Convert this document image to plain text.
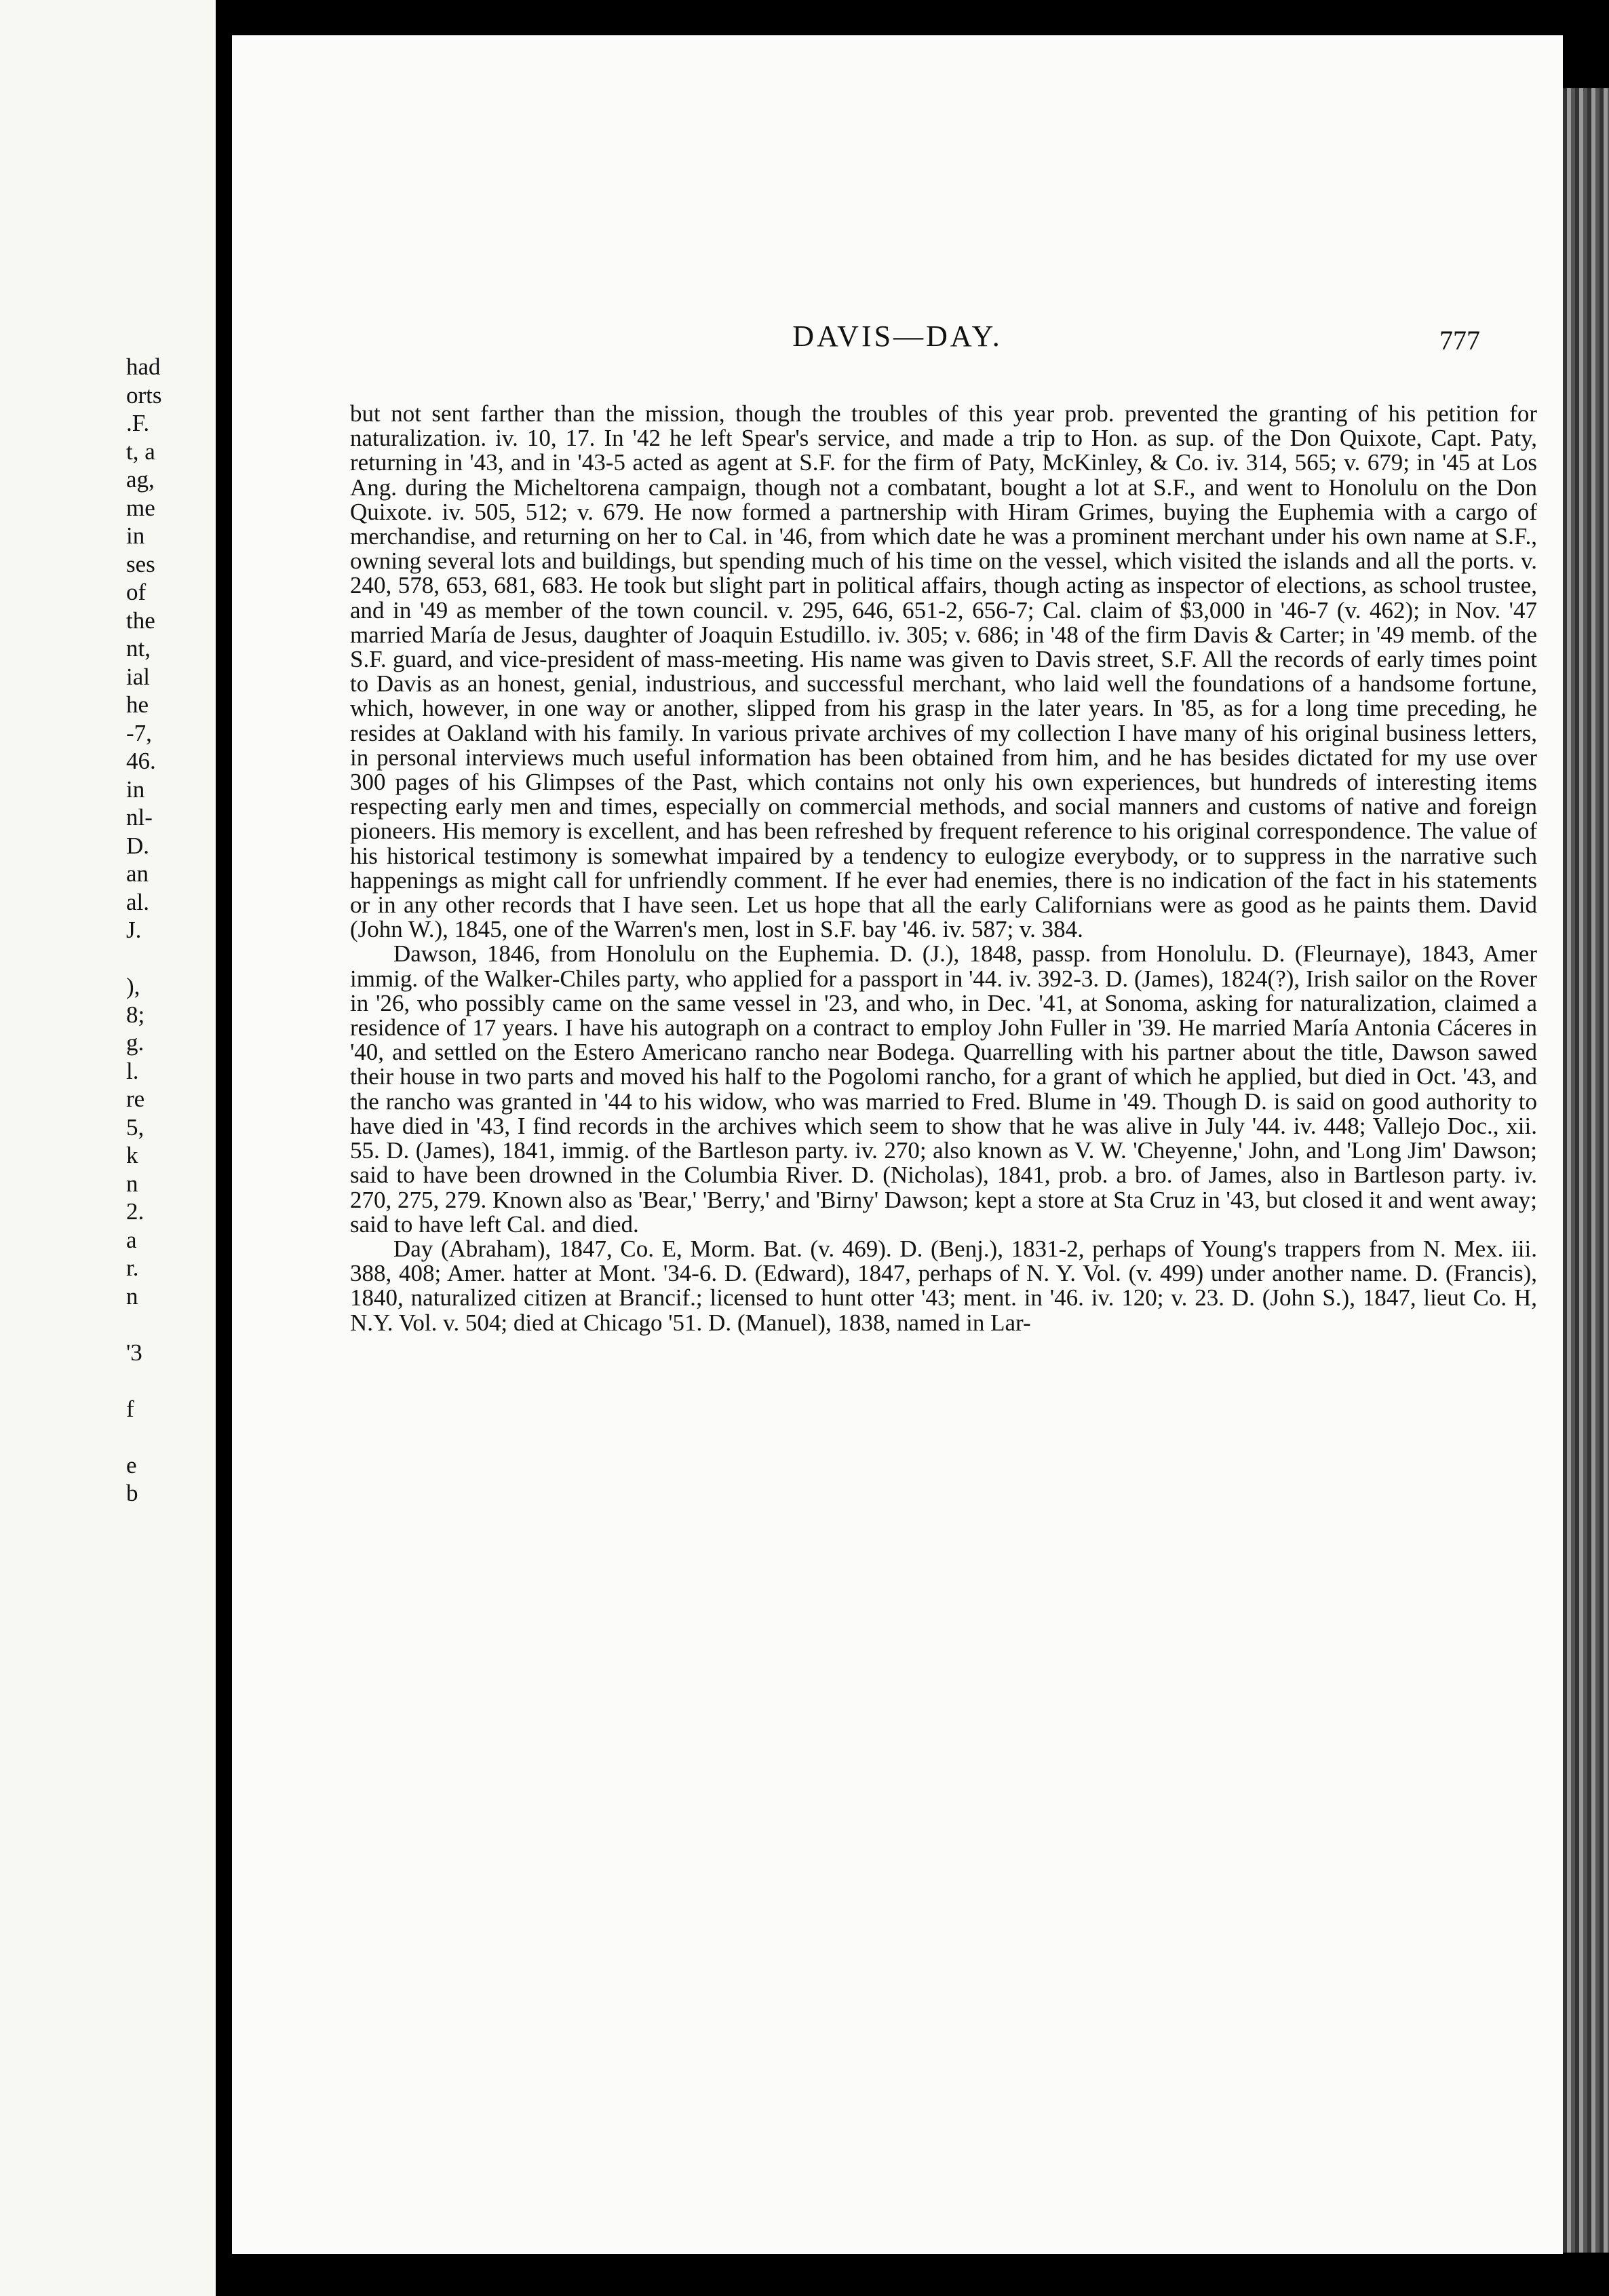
had
orts
.F.
t, a
ag,
me
in
ses
of
the
nt,
ial
he
-7,
46.
in
nl-
D.
an
al.
J.
),
8;
g.
l.
re
5,
k
n
2.
a
r.
n
'3
f
e
b
DAVIS—DAY.	777

but not sent farther than the mission, though the troubles of this year prob. prevented the granting of his petition for naturalization. iv. 10, 17. In '42 he left Spear's service, and made a trip to Hon. as sup. of the Don Quixote, Capt. Paty, returning in '43, and in '43-5 acted as agent at S.F. for the firm of Paty, McKinley, & Co. iv. 314, 565; v. 679; in '45 at Los Ang. during the Micheltorena campaign, though not a combatant, bought a lot at S.F., and went to Honolulu on the Don Quixote. iv. 505, 512; v. 679. He now formed a partnership with Hiram Grimes, buying the Euphemia with a cargo of merchandise, and returning on her to Cal. in '46, from which date he was a prominent merchant under his own name at S.F., owning several lots and buildings, but spending much of his time on the vessel, which visited the islands and all the ports. v. 240, 578, 653, 681, 683. He took but slight part in political affairs, though acting as inspector of elections, as school trustee, and in '49 as member of the town council. v. 295, 646, 651-2, 656-7; Cal. claim of $3,000 in '46-7 (v. 462); in Nov. '47 married María de Jesus, daughter of Joaquin Estudillo. iv. 305; v. 686; in '48 of the firm Davis & Carter; in '49 memb. of the S.F. guard, and vice-president of mass-meeting. His name was given to Davis street, S.F. All the records of early times point to Davis as an honest, genial, industrious, and successful merchant, who laid well the foundations of a handsome fortune, which, however, in one way or another, slipped from his grasp in the later years. In '85, as for a long time preceding, he resides at Oakland with his family. In various private archives of my collection I have many of his original business letters, in personal interviews much useful information has been obtained from him, and he has besides dictated for my use over 300 pages of his Glimpses of the Past, which contains not only his own experiences, but hundreds of interesting items respecting early men and times, especially on commercial methods, and social manners and customs of native and foreign pioneers. His memory is excellent, and has been refreshed by frequent reference to his original correspondence. The value of his historical testimony is somewhat impaired by a tendency to eulogize everybody, or to suppress in the narrative such happenings as might call for unfriendly comment. If he ever had enemies, there is no indication of the fact in his statements or in any other records that I have seen. Let us hope that all the early Californians were as good as he paints them. David (John W.), 1845, one of the Warren's men, lost in S.F. bay '46. iv. 587; v. 384.

Dawson, 1846, from Honolulu on the Euphemia. D. (J.), 1848, passp. from Honolulu. D. (Fleurnaye), 1843, Amer immig. of the Walker-Chiles party, who applied for a passport in '44. iv. 392-3. D. (James), 1824(?), Irish sailor on the Rover in '26, who possibly came on the same vessel in '23, and who, in Dec. '41, at Sonoma, asking for naturalization, claimed a residence of 17 years. I have his autograph on a contract to employ John Fuller in '39. He married María Antonia Cáceres in '40, and settled on the Estero Americano rancho near Bodega. Quarrelling with his partner about the title, Dawson sawed their house in two parts and moved his half to the Pogolomi rancho, for a grant of which he applied, but died in Oct. '43, and the rancho was granted in '44 to his widow, who was married to Fred. Blume in '49. Though D. is said on good authority to have died in '43, I find records in the archives which seem to show that he was alive in July '44. iv. 448; Vallejo Doc., xii. 55. D. (James), 1841, immig. of the Bartleson party. iv. 270; also known as V. W. 'Cheyenne,' John, and 'Long Jim' Dawson; said to have been drowned in the Columbia River. D. (Nicholas), 1841, prob. a bro. of James, also in Bartleson party. iv. 270, 275, 279. Known also as 'Bear,' 'Berry,' and 'Birny' Dawson; kept a store at Sta Cruz in '43, but closed it and went away; said to have left Cal. and died.

Day (Abraham), 1847, Co. E, Morm. Bat. (v. 469). D. (Benj.), 1831-2, perhaps of Young's trappers from N. Mex. iii. 388, 408; Amer. hatter at Mont. '34-6. D. (Edward), 1847, perhaps of N. Y. Vol. (v. 499) under another name. D. (Francis), 1840, naturalized citizen at Brancif.; licensed to hunt otter '43; ment. in '46. iv. 120; v. 23. D. (John S.), 1847, lieut Co. H, N.Y. Vol. v. 504; died at Chicago '51. D. (Manuel), 1838, named in Lar-
